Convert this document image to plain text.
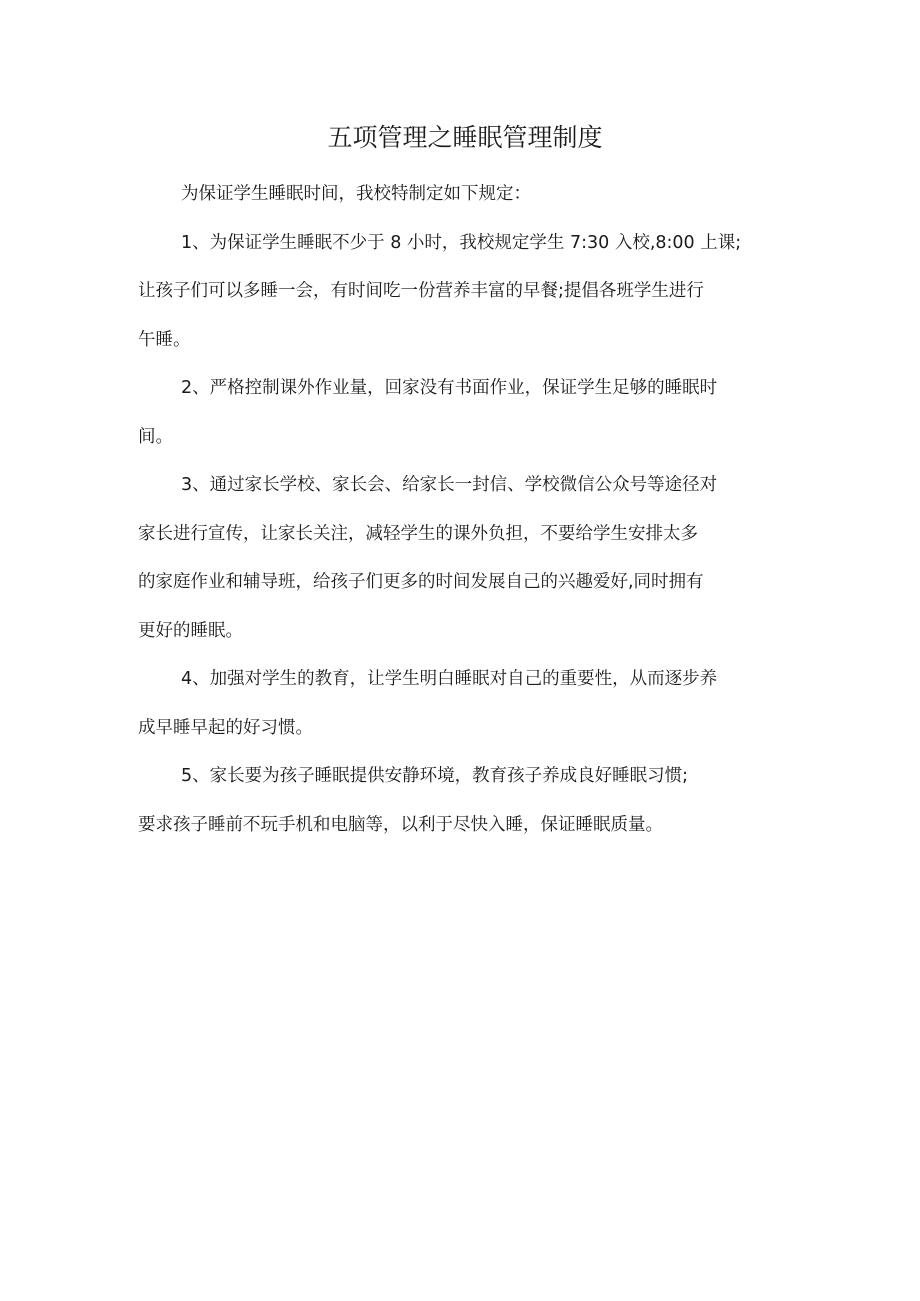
五项管理之睡眠管理制度

为保证学生睡眠时间，我校特制定如下规定：

1、为保证学生睡眠不少于 8 小时，我校规定学生 7:30 入校,8:00 上课;
让孩子们可以多睡一会，有时间吃一份营养丰富的早餐;提倡各班学生进行
午睡。

2、严格控制课外作业量，回家没有书面作业，保证学生足够的睡眠时
间。

3、通过家长学校、家长会、给家长一封信、学校微信公众号等途径对
家长进行宣传，让家长关注，减轻学生的课外负担，不要给学生安排太多
的家庭作业和辅导班，给孩子们更多的时间发展自己的兴趣爱好,同时拥有
更好的睡眠。

4、加强对学生的教育，让学生明白睡眠对自己的重要性，从而逐步养
成早睡早起的好习惯。

5、家长要为孩子睡眠提供安静环境，教育孩子养成良好睡眠习惯;

要求孩子睡前不玩手机和电脑等，以利于尽快入睡，保证睡眠质量。
